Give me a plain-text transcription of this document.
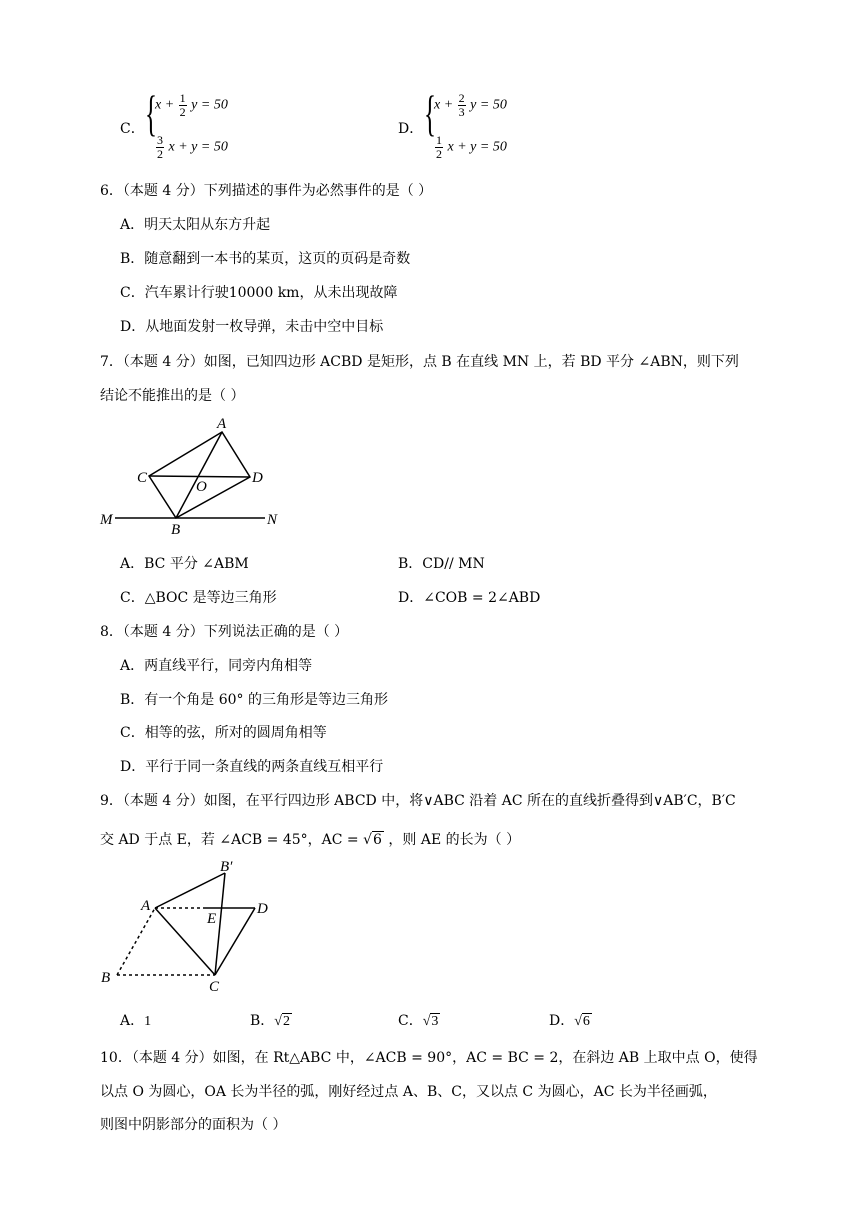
C． {
$x + \frac{1}{2}$ y = 50
$\frac{3}{2}$ x + y = 50
D． {
$x + \frac{2}{3}$ y = 50
$\frac{1}{2}$ x + y = 50
6．（本题 4 分）下列描述的事件为必然事件的是（ ）
A．明天太阳从东方升起
B．随意翻到一本书的某页，这页的页码是奇数
C．汽车累计行驶10000 km，从未出现故障
D．从地面发射一枚导弹，未击中空中目标
7．（本题 4 分）如图，已知四边形 ACBD 是矩形，点 B 在直线 MN 上，若 BD 平分 ∠ABN，则下列
结论不能推出的是（ ）
A
C	D
O
B
M	N
A．BC 平分 ∠ABM	B．CD// MN
C．△BOC 是等边三角形	D．∠COB = 2∠ABD
8．（本题 4 分）下列说法正确的是（ ）
A．两直线平行，同旁内角相等
B．有一个角是 60° 的三角形是等边三角形
C．相等的弦，所对的圆周角相等
D．平行于同一条直线的两条直线互相平行
9．（本题 4 分）如图，在平行四边形 ABCD 中，将∨ABC 沿着 AC 所在的直线折叠得到∨AB′C，B′C
交 AD 于点 E，若 ∠ACB = 45°，AC = √6 ，则 AE 的长为（ ）
A
B′
E
D
B
C
A．1	B．√2	C．√3	D．√6
10．（本题 4 分）如图，在 Rt△ABC 中，∠ACB = 90°，AC = BC = 2，在斜边 AB 上取中点 O，使得
以点 O 为圆心，OA 长为半径的弧，刚好经过点 A、B、C，又以点 C 为圆心，AC 长为半径画弧，
则图中阴影部分的面积为（ ）
